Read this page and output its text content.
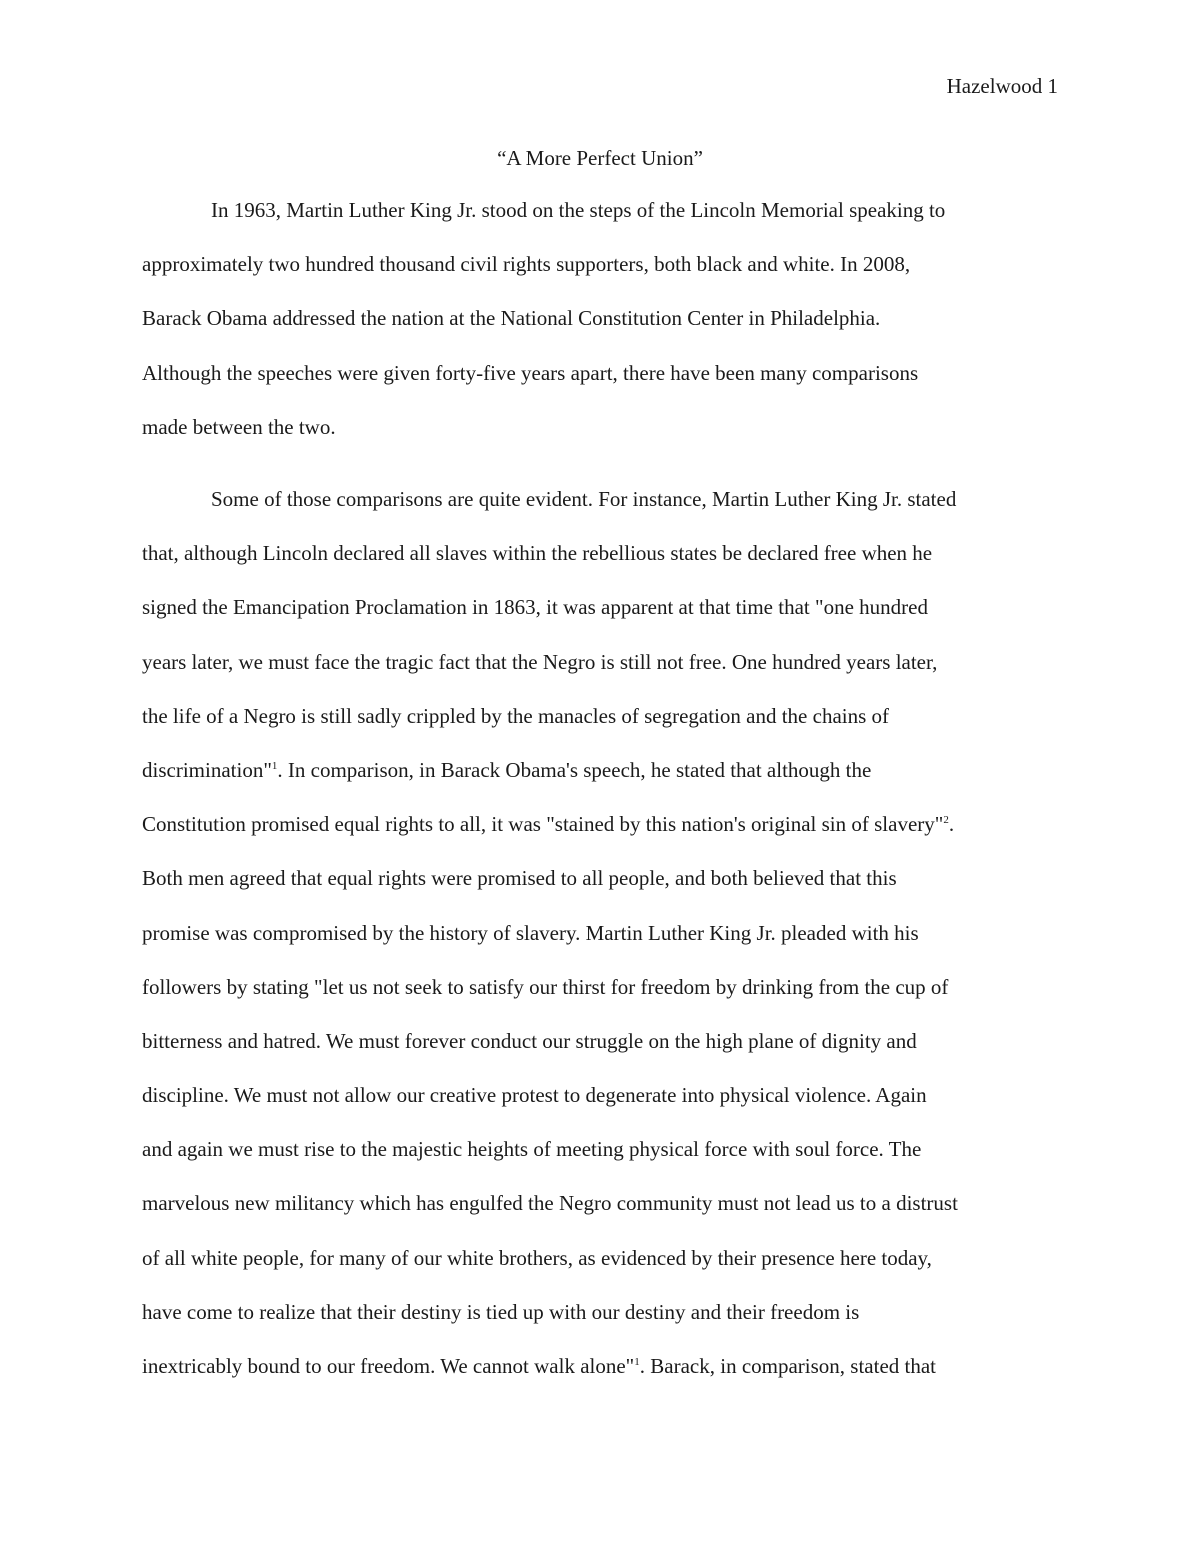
Hazelwood 1
“A More Perfect Union”
In 1963, Martin Luther King Jr. stood on the steps of the Lincoln Memorial speaking to
approximately two hundred thousand civil rights supporters, both black and white. In 2008,
Barack Obama addressed the nation at the National Constitution Center in Philadelphia.
Although the speeches were given forty-five years apart, there have been many comparisons
made between the two.
Some of those comparisons are quite evident. For instance, Martin Luther King Jr. stated
that, although Lincoln declared all slaves within the rebellious states be declared free when he
signed the Emancipation Proclamation in 1863, it was apparent at that time that "one hundred
years later, we must face the tragic fact that the Negro is still not free. One hundred years later,
the life of a Negro is still sadly crippled by the manacles of segregation and the chains of
discrimination"$^1$. In comparison, in Barack Obama's speech, he stated that although the
Constitution promised equal rights to all, it was "stained by this nation's original sin of slavery"$^2$.
Both men agreed that equal rights were promised to all people, and both believed that this
promise was compromised by the history of slavery. Martin Luther King Jr. pleaded with his
followers by stating "let us not seek to satisfy our thirst for freedom by drinking from the cup of
bitterness and hatred. We must forever conduct our struggle on the high plane of dignity and
discipline. We must not allow our creative protest to degenerate into physical violence. Again
and again we must rise to the majestic heights of meeting physical force with soul force. The
marvelous new militancy which has engulfed the Negro community must not lead us to a distrust
of all white people, for many of our white brothers, as evidenced by their presence here today,
have come to realize that their destiny is tied up with our destiny and their freedom is
inextricably bound to our freedom. We cannot walk alone"$^1$. Barack, in comparison, stated that
